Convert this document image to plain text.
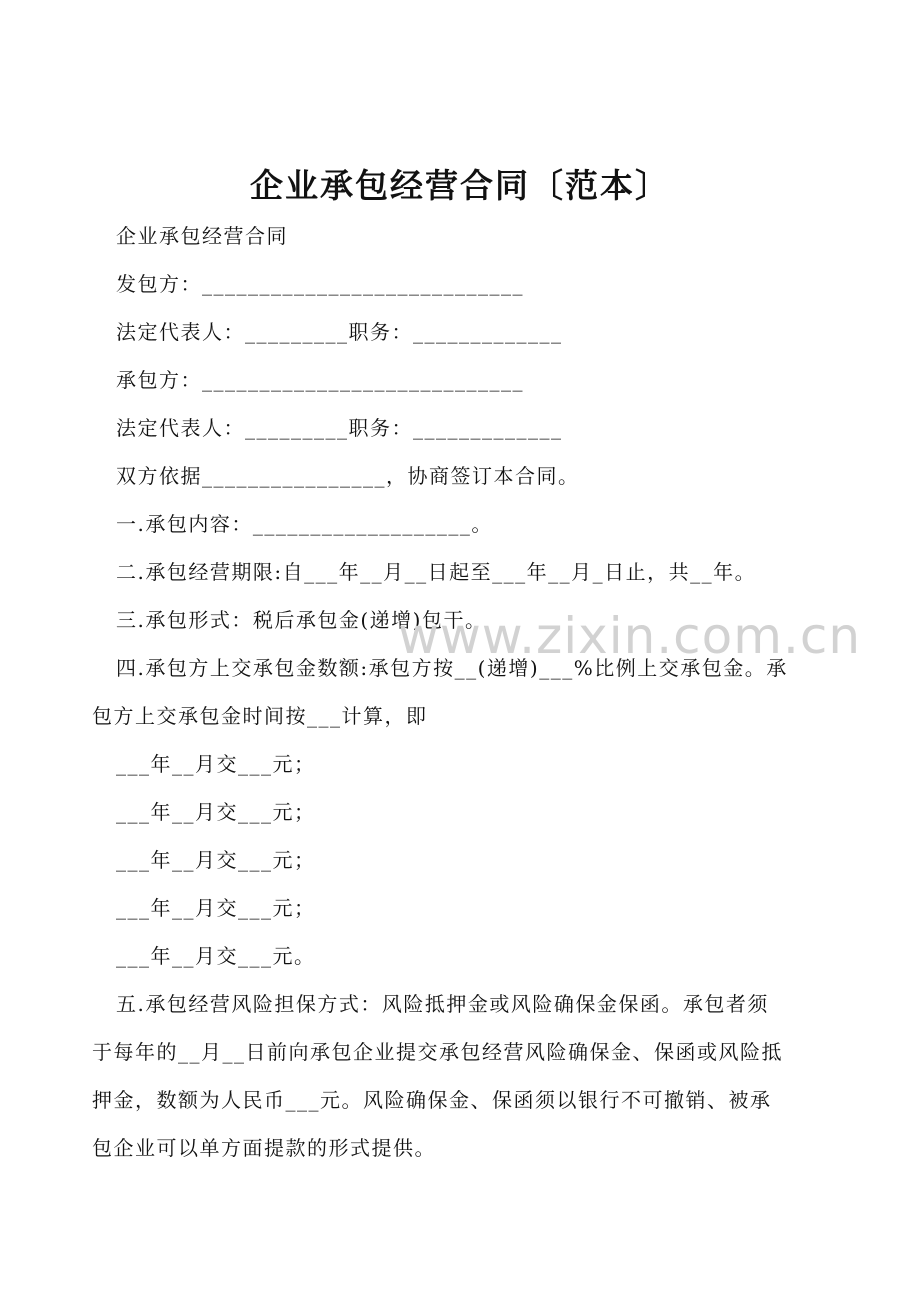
企业承包经营合同〔范本〕
企业承包经营合同
发包方：____________________________
法定代表人：_________职务：_____________
承包方：____________________________
法定代表人：_________职务：_____________
双方依据________________，协商签订本合同。
一.承包内容：___________________。
二.承包经营期限:自___年__月__日起至___年__月_日止，共__年。
三.承包形式：税后承包金(递增)包干。
四.承包方上交承包金数额:承包方按__(递增)___%比例上交承包金。承
包方上交承包金时间按___计算，即
___年__月交___元；
___年__月交___元；
___年__月交___元；
___年__月交___元；
___年__月交___元。
五.承包经营风险担保方式：风险抵押金或风险确保金保函。承包者须
于每年的__月__日前向承包企业提交承包经营风险确保金、保函或风险抵
押金，数额为人民币___元。风险确保金、保函须以银行不可撤销、被承
包企业可以单方面提款的形式提供。
www.zixin.com.cn
